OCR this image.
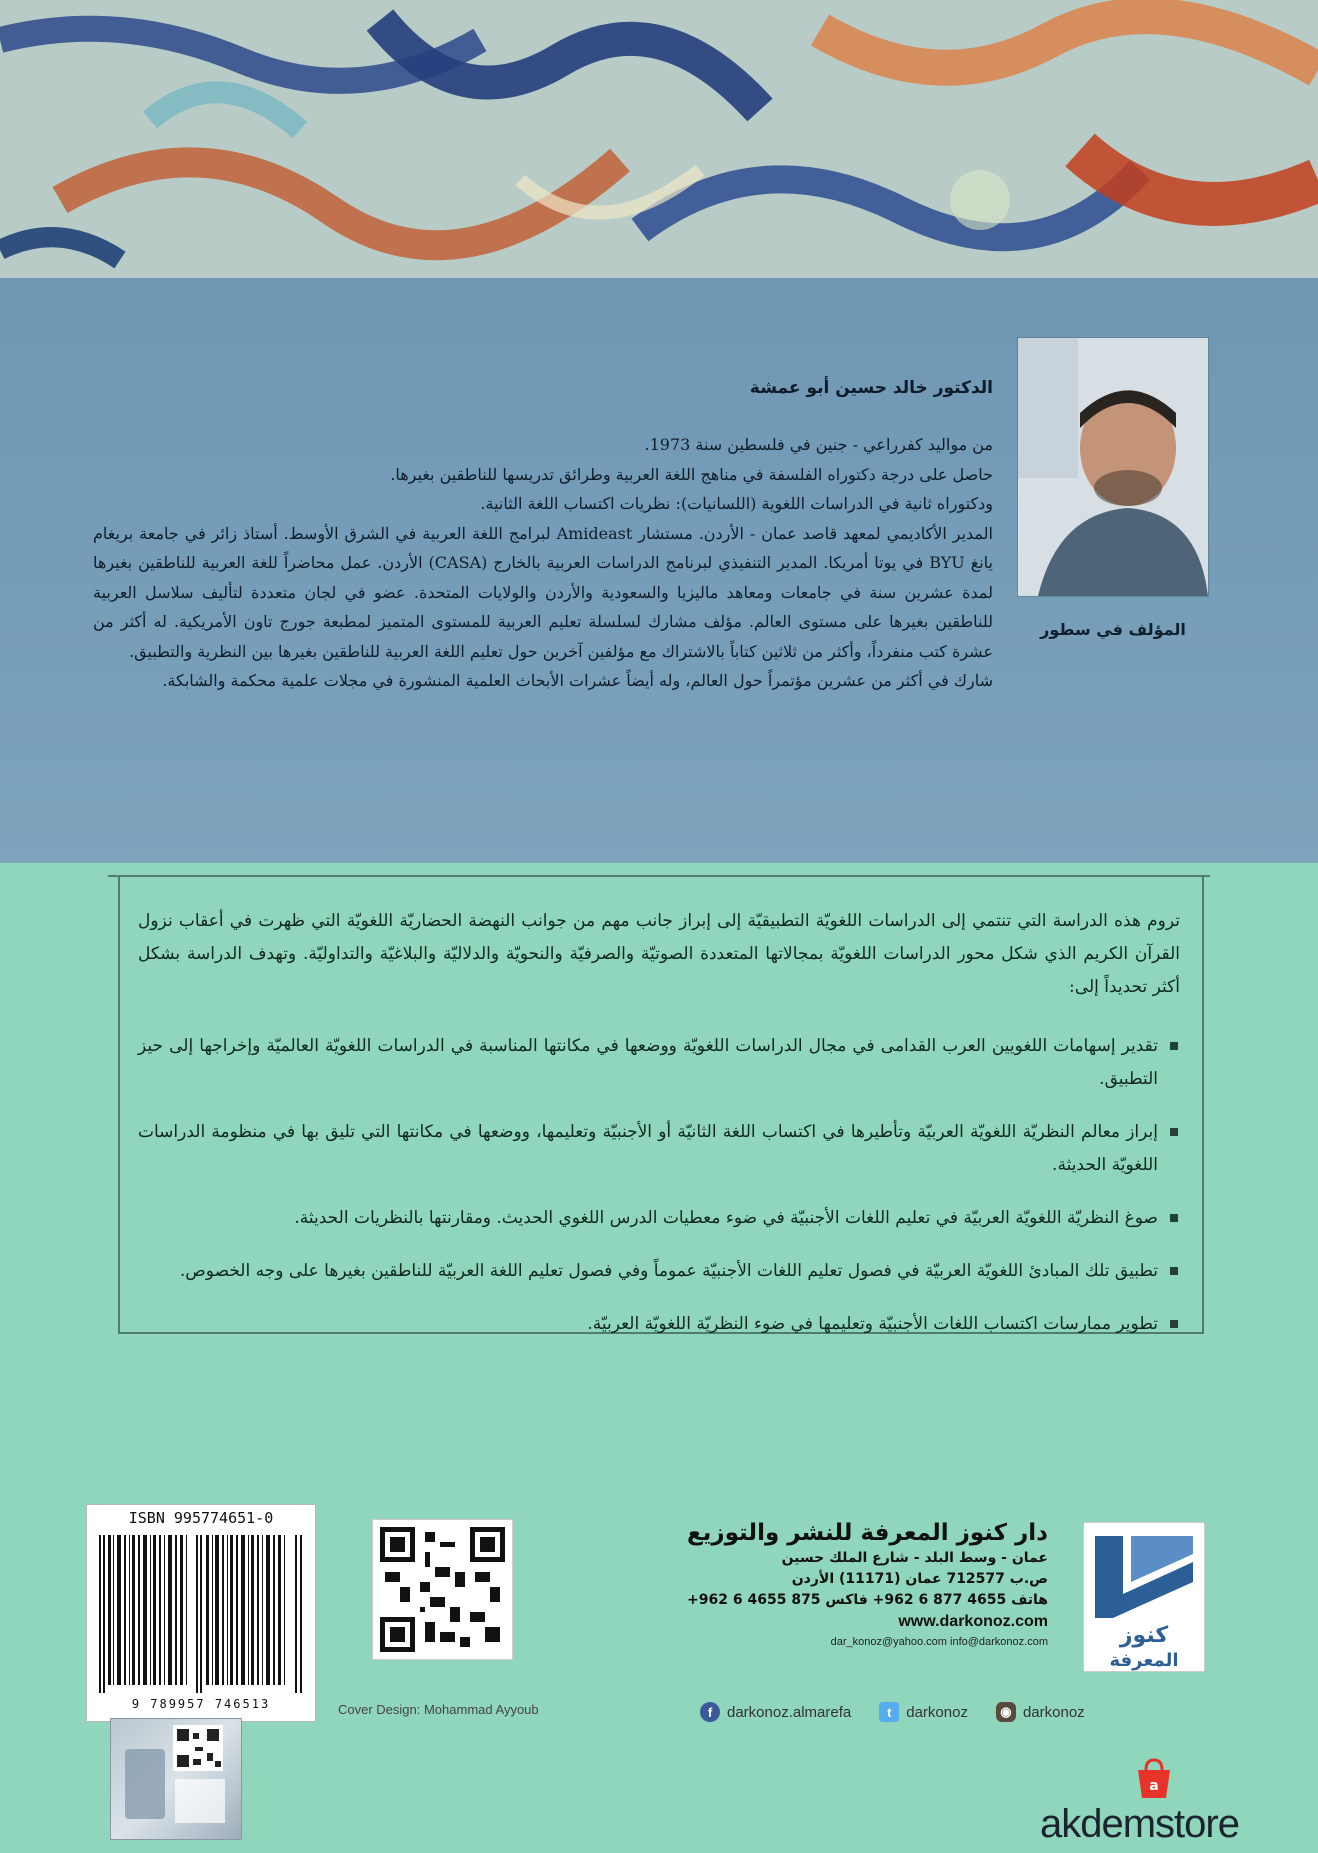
المؤلف في سطور
الدكتور خالد حسين أبو عمشة

من مواليد كفرراعي - جنين في فلسطين سنة 1973.

حاصل على درجة دكتوراه الفلسفة في مناهج اللغة العربية وطرائق تدريسها للناطقين بغيرها.

ودكتوراه ثانية في الدراسات اللغوية (اللسانيات): نظريات اكتساب اللغة الثانية.

المدير الأكاديمي لمعهد قاصد عمان - الأردن. مستشار Amideast لبرامج اللغة العربية في الشرق الأوسط. أستاذ زائر في جامعة بريغام يانغ BYU في يوتا أمريكا. المدير التنفيذي لبرنامج الدراسات العربية بالخارج (CASA) الأردن. عمل محاضراً للغة العربية للناطقين بغيرها لمدة عشرين سنة في جامعات ومعاهد ماليزيا والسعودية والأردن والولايات المتحدة. عضو في لجان متعددة لتأليف سلاسل العربية للناطقين بغيرها على مستوى العالم. مؤلف مشارك لسلسلة تعليم العربية للمستوى المتميز لمطبعة جورج تاون الأمريكية. له أكثر من عشرة كتب منفرداً، وأكثر من ثلاثين كتاباً بالاشتراك مع مؤلفين آخرين حول تعليم اللغة العربية للناطقين بغيرها بين النظرية والتطبيق.

شارك في أكثر من عشرين مؤتمراً حول العالم، وله أيضاً عشرات الأبحاث العلمية المنشورة في مجلات علمية محكمة والشابكة.

تروم هذه الدراسة التي تنتمي إلى الدراسات اللغويّة التطبيقيّة إلى إبراز جانب مهم من جوانب النهضة الحضاريّة اللغويّة التي ظهرت في أعقاب نزول القرآن الكريم الذي شكل محور الدراسات اللغويّة بمجالاتها المتعددة الصوتيّة والصرفيّة والنحويّة والدلاليّة والبلاغيّة والتداوليّة. وتهدف الدراسة بشكل أكثر تحديداً إلى:

تقدير إسهامات اللغويين العرب القدامى في مجال الدراسات اللغويّة ووضعها في مكانتها المناسبة في الدراسات اللغويّة العالميّة وإخراجها إلى حيز التطبيق.
إبراز معالم النظريّة اللغويّة العربيّة وتأطيرها في اكتساب اللغة الثانيّة أو الأجنبيّة وتعليمها، ووضعها في مكانتها التي تليق بها في منظومة الدراسات اللغويّة الحديثة.
صوغ النظريّة اللغويّة العربيّة في تعليم اللغات الأجنبيّة في ضوء معطيات الدرس اللغوي الحديث. ومقارنتها بالنظريات الحديثة.
تطبيق تلك المبادئ اللغويّة العربيّة في فصول تعليم اللغات الأجنبيّة عموماً وفي فصول تعليم اللغة العربيّة للناطقين بغيرها على وجه الخصوص.
تطوير ممارسات اكتساب اللغات الأجنبيّة وتعليمها في ضوء النظريّة اللغويّة العربيّة.
ISBN 995774651-0
9 789957 746513	Cover Design: Mohammad Ayyoub
دار كنوز المعرفة للنشر والتوزيع
عمان - وسط البلد - شارع الملك حسين
ص.ب 712577 عمان (11171) الأردن
هاتف 4655 877 6 962+ فاكس 875 4655 6 962+
www.darkonoz.com
dar_konoz@yahoo.com info@darkonoz.com	كنوز
المعرفة
f darkonoz.almarefa	t darkonoz	◉ darkonoz
a
akdemstore
